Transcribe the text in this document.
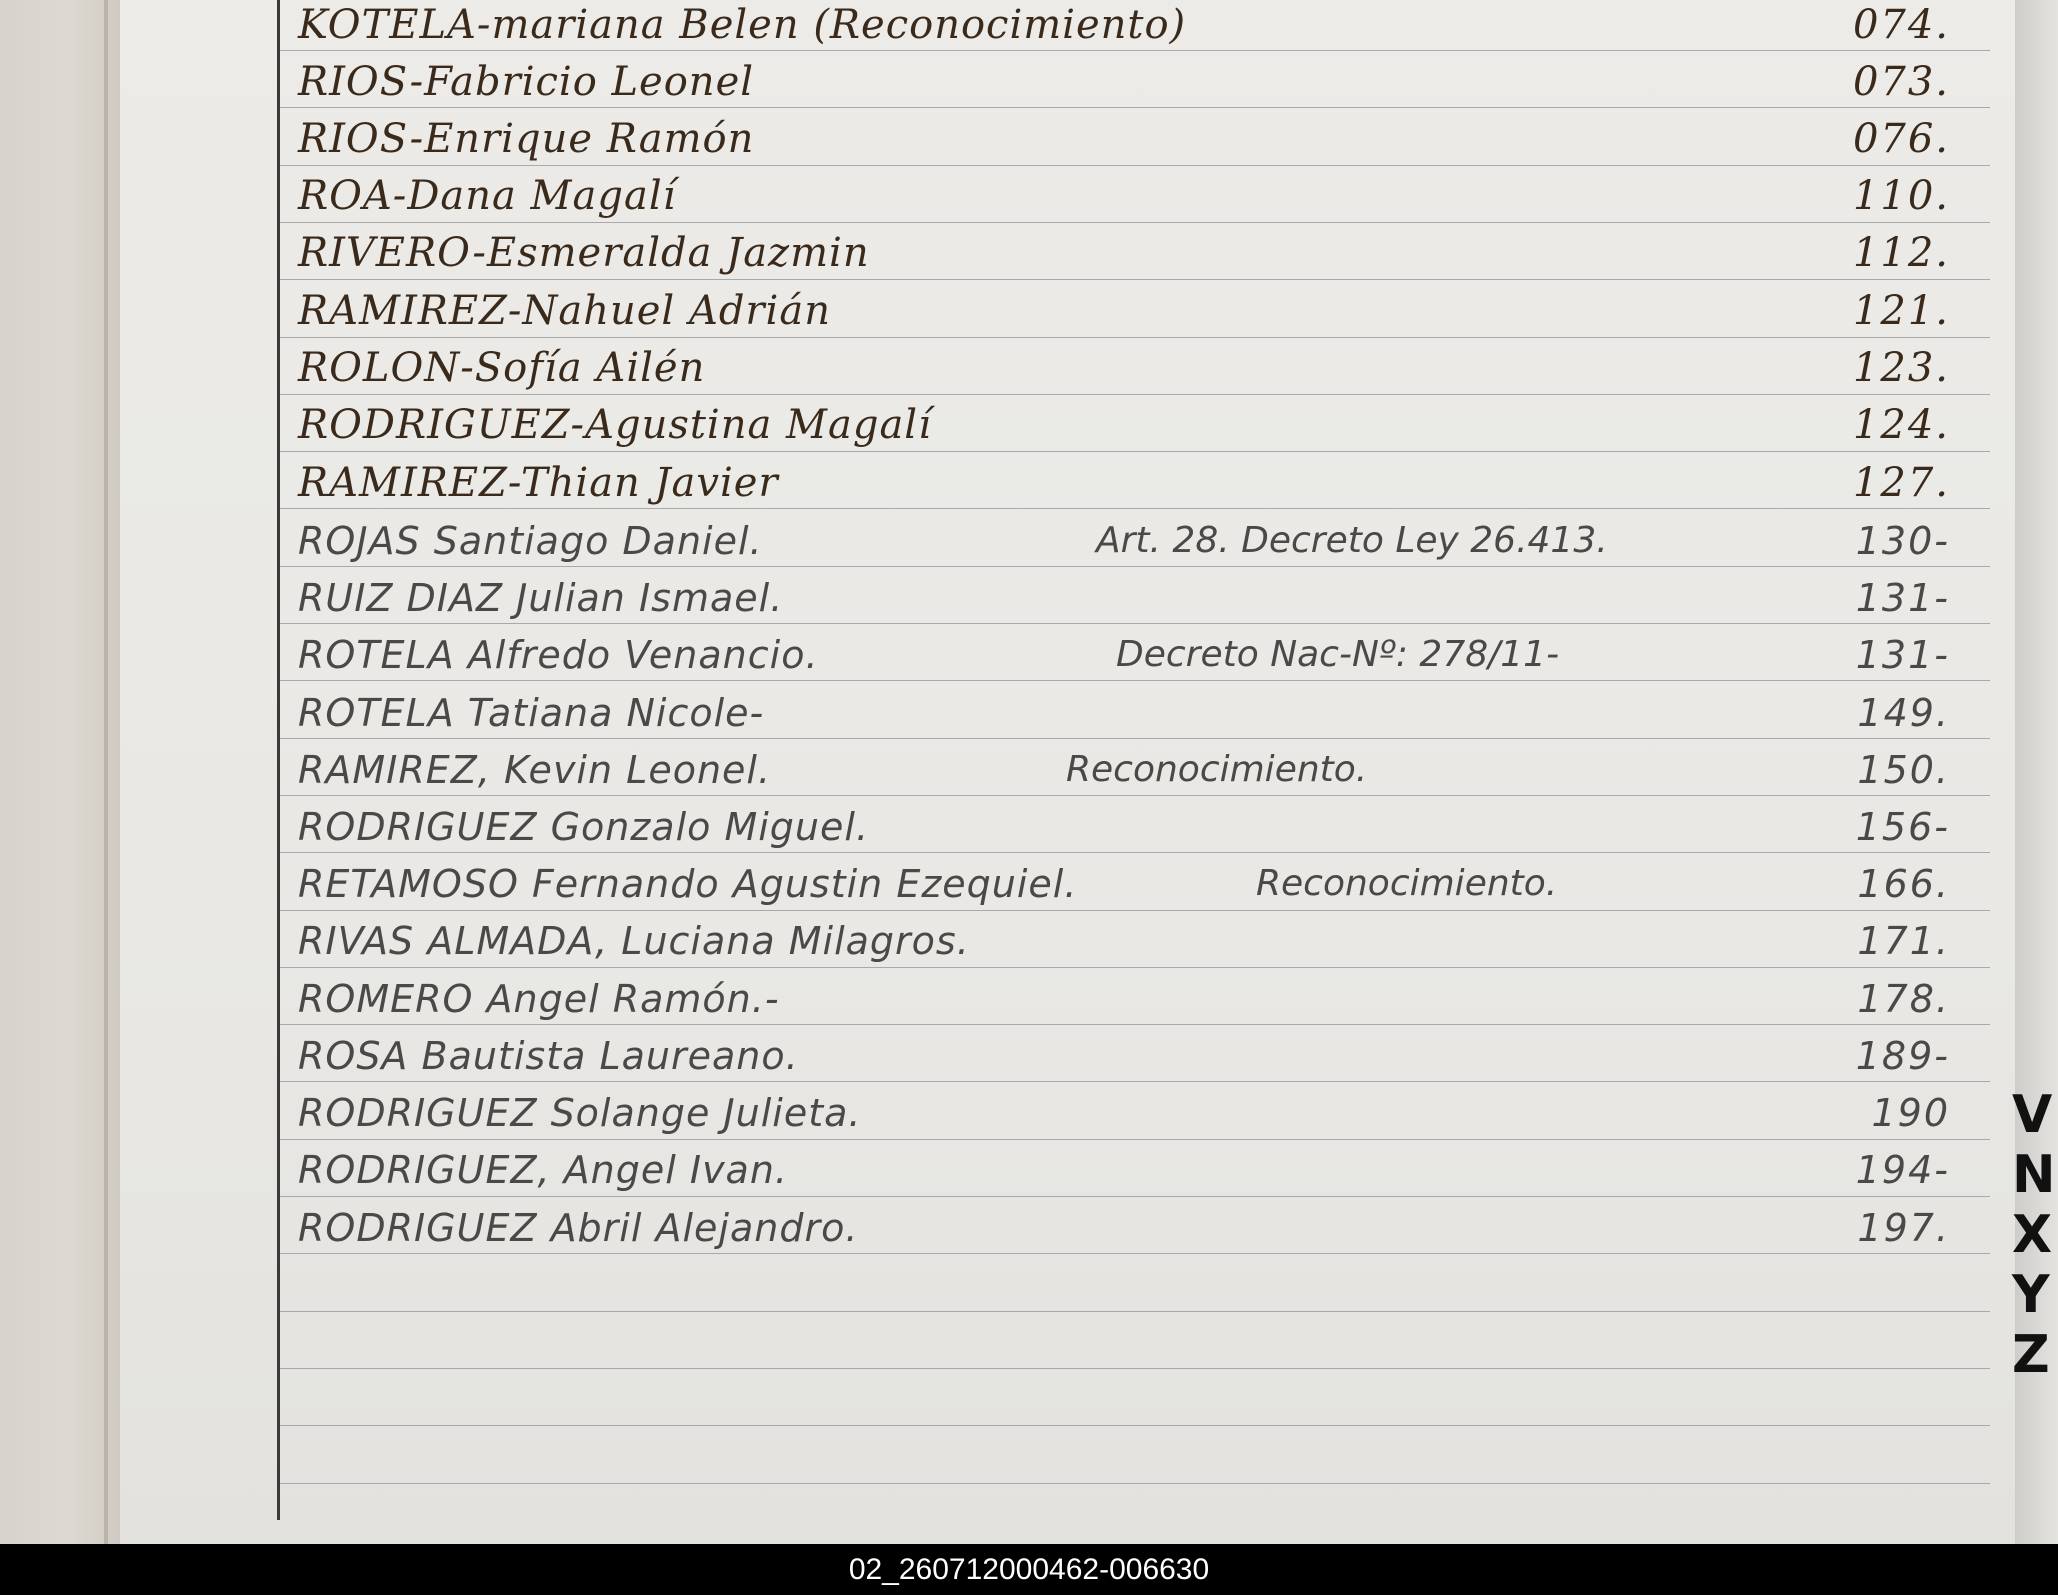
KOTELA-mariana Belen (Reconocimiento)	074.
RIOS-Fabricio Leonel	073.
RIOS-Enrique Ramón	076.
ROA-Dana Magalí	110.
RIVERO-Esmeralda Jazmin	112.
RAMIREZ-Nahuel Adrián	121.
ROLON-Sofía Ailén	123.
RODRIGUEZ-Agustina Magalí	124.
RAMIREZ-Thian Javier	127.
ROJAS Santiago Daniel.	Art. 28. Decreto Ley 26.413.	130-
RUIZ DIAZ Julian Ismael.	131-
ROTELA Alfredo Venancio.	Decreto Nac-Nº: 278/11-	131-
ROTELA Tatiana Nicole-	149.
RAMIREZ, Kevin Leonel.	Reconocimiento.	150.
RODRIGUEZ Gonzalo Miguel.	156-
RETAMOSO Fernando Agustin Ezequiel.	Reconocimiento.	166.
RIVAS ALMADA, Luciana Milagros.	171.
ROMERO Angel Ramón.-	178.
ROSA Bautista Laureano.	189-
RODRIGUEZ Solange Julieta.	190
RODRIGUEZ, Angel Ivan.	194-
RODRIGUEZ Abril Alejandro.	197.
V
N
X
Y
Z
02_260712000462-006630
